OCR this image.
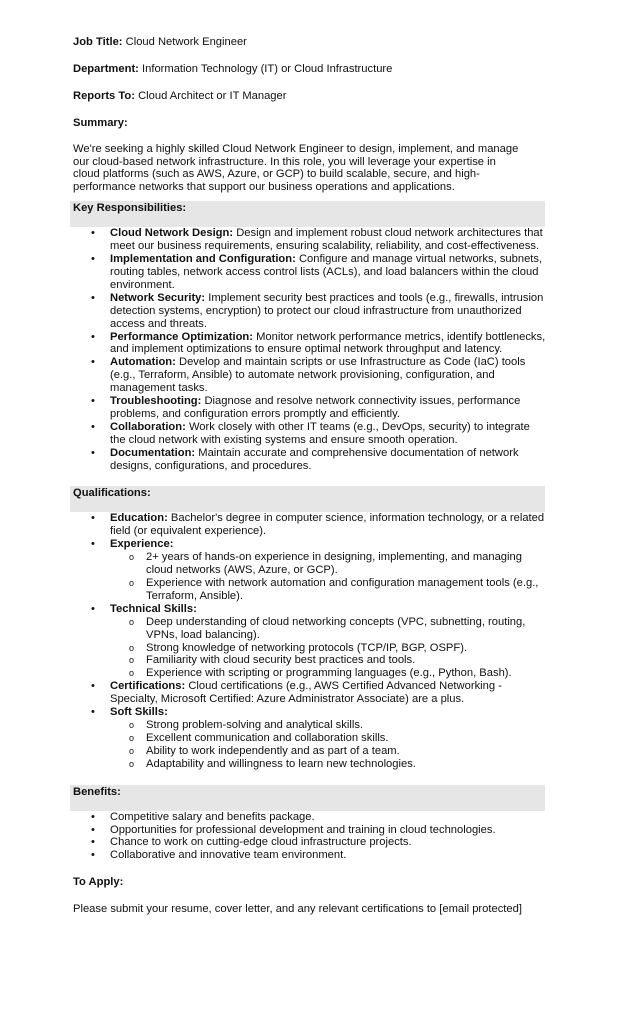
Job Title: Cloud Network Engineer

Department: Information Technology (IT) or Cloud Infrastructure

Reports To: Cloud Architect or IT Manager

Summary:

We're seeking a highly skilled Cloud Network Engineer to design, implement, and manage our cloud-based network infrastructure. In this role, you will leverage your expertise in cloud platforms (such as AWS, Azure, or GCP) to build scalable, secure, and high-performance networks that support our business operations and applications.

Key Responsibilities:
• Cloud Network Design: Design and implement robust cloud network architectures that meet our business requirements, ensuring scalability, reliability, and cost-effectiveness.
• Implementation and Configuration: Configure and manage virtual networks, subnets, routing tables, network access control lists (ACLs), and load balancers within the cloud environment.
• Network Security: Implement security best practices and tools (e.g., firewalls, intrusion detection systems, encryption) to protect our cloud infrastructure from unauthorized access and threats.
• Performance Optimization: Monitor network performance metrics, identify bottlenecks, and implement optimizations to ensure optimal network throughput and latency.
• Automation: Develop and maintain scripts or use Infrastructure as Code (IaC) tools (e.g., Terraform, Ansible) to automate network provisioning, configuration, and management tasks.
• Troubleshooting: Diagnose and resolve network connectivity issues, performance problems, and configuration errors promptly and efficiently.
• Collaboration: Work closely with other IT teams (e.g., DevOps, security) to integrate the cloud network with existing systems and ensure smooth operation.
• Documentation: Maintain accurate and comprehensive documentation of network designs, configurations, and procedures.
Qualifications:
• Education: Bachelor's degree in computer science, information technology, or a related field (or equivalent experience).
• Experience:
o 2+ years of hands-on experience in designing, implementing, and managing cloud networks (AWS, Azure, or GCP).
o Experience with network automation and configuration management tools (e.g., Terraform, Ansible).
• Technical Skills:
o Deep understanding of cloud networking concepts (VPC, subnetting, routing, VPNs, load balancing).
o Strong knowledge of networking protocols (TCP/IP, BGP, OSPF).
o Familiarity with cloud security best practices and tools.
o Experience with scripting or programming languages (e.g., Python, Bash).
• Certifications: Cloud certifications (e.g., AWS Certified Advanced Networking - Specialty, Microsoft Certified: Azure Administrator Associate) are a plus.
• Soft Skills:
o Strong problem-solving and analytical skills.
o Excellent communication and collaboration skills.
o Ability to work independently and as part of a team.
o Adaptability and willingness to learn new technologies.
Benefits:
• Competitive salary and benefits package.
• Opportunities for professional development and training in cloud technologies.
• Chance to work on cutting-edge cloud infrastructure projects.
• Collaborative and innovative team environment.

To Apply:

Please submit your resume, cover letter, and any relevant certifications to [email protected]
